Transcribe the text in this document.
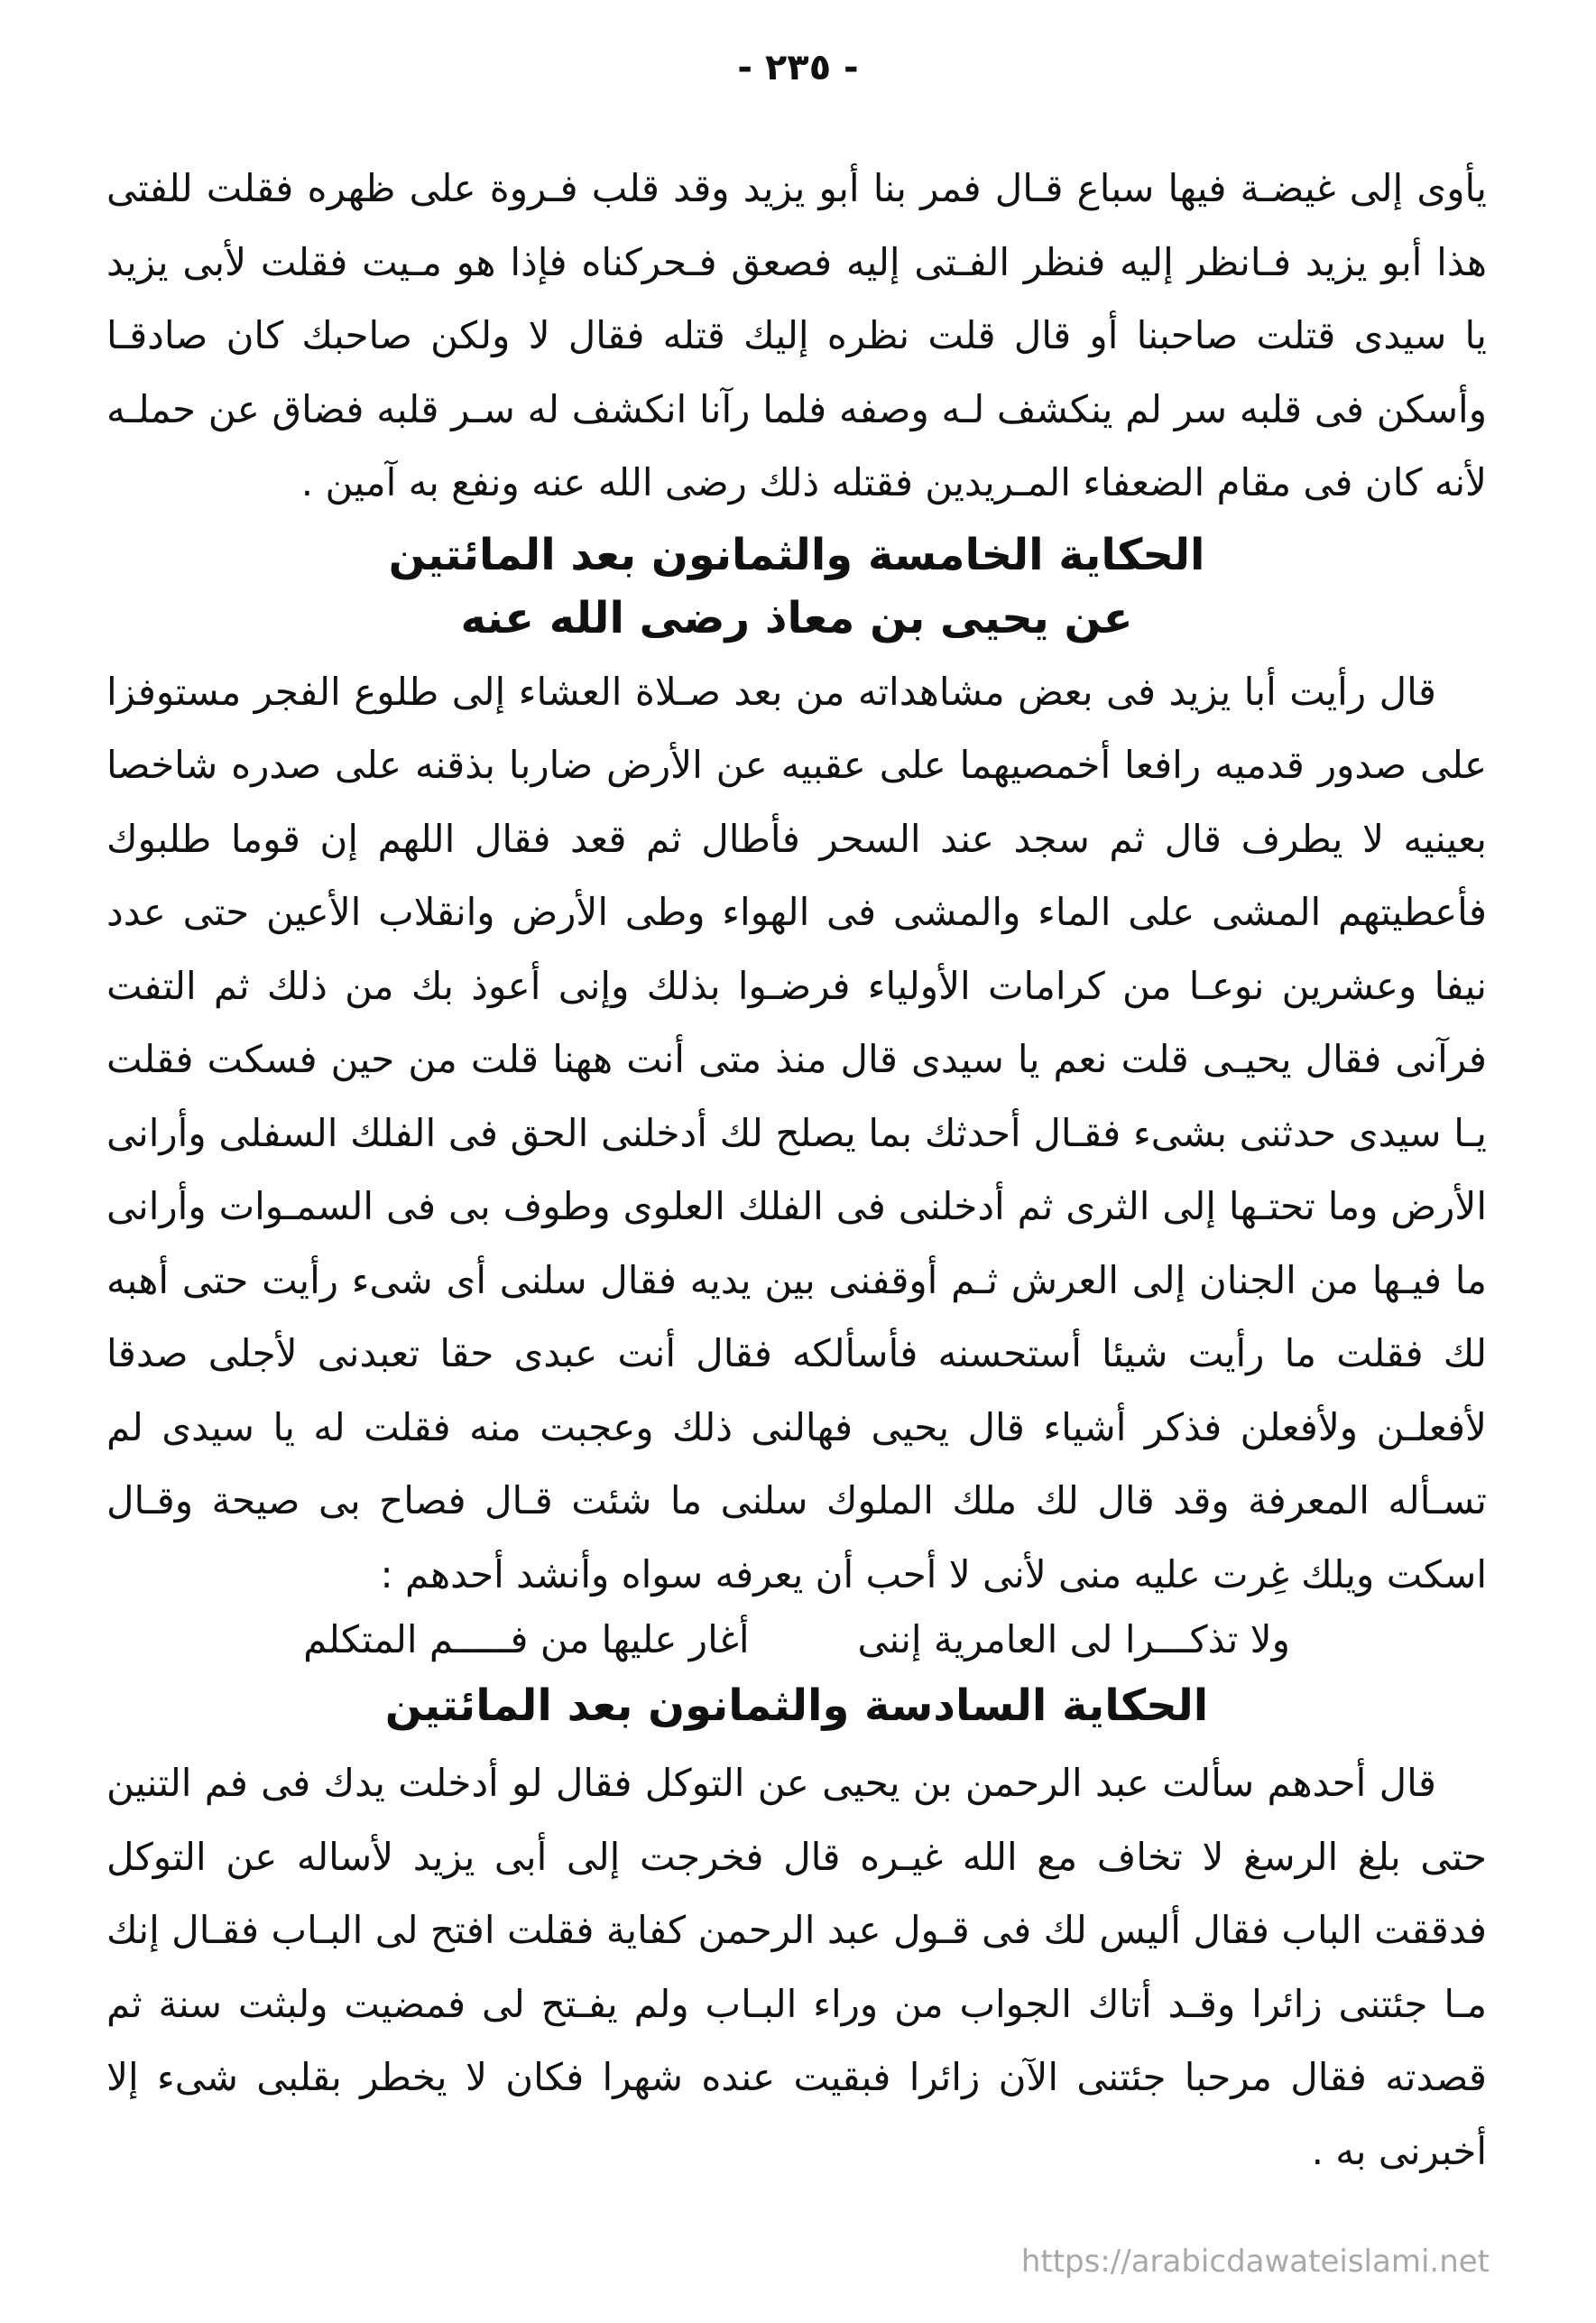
- ٢٣٥ -

يأوى إلى غيضـة فيها سباع قـال فمر بنا أبو يزيد وقد قلب فـروة على ظهره فقلت للفتى هذا أبو يزيد فـانظر إليه فنظر الفـتى إليه فصعق فـحركناه فإذا هو مـيت فقلت لأبى يزيد يا سيدى قتلت صاحبنا أو قال قلت نظره إليك قتله فقال لا ولكن صاحبك كان صادقـا وأسكن فى قلبه سر لم ينكشف لـه وصفه فلما رآنا انكشف له سـر قلبه فضاق عن حملـه لأنه كان فى مقام الضعفاء المـريدين فقتله ذلك رضى الله عنه ونفع به آمين .

الحكاية الخامسة والثمانون بعد المائتين
عن يحيى بن معاذ رضى الله عنه

قال رأيت أبا يزيد فى بعض مشاهداته من بعد صـلاة العشاء إلى طلوع الفجر مستوفزا على صدور قدميه رافعا أخمصيهما على عقبيه عن الأرض ضاربا بذقنه على صدره شاخصا بعينيه لا يطرف قال ثم سجد عند السحر فأطال ثم قعد فقال اللهم إن قوما طلبوك فأعطيتهم المشى على الماء والمشى فى الهواء وطى الأرض وانقلاب الأعين حتى عدد نيفا وعشرين نوعـا من كرامات الأولياء فرضـوا بذلك وإنى أعوذ بك من ذلك ثم التفت فرآنى فقال يحيـى قلت نعم يا سيدى قال منذ متى أنت ههنا قلت من حين فسكت فقلت يـا سيدى حدثنى بشىء فقـال أحدثك بما يصلح لك أدخلنى الحق فى الفلك السفلى وأرانى الأرض وما تحتـها إلى الثرى ثم أدخلنى فى الفلك العلوى وطوف بى فى السمـوات وأرانى ما فيـها من الجنان إلى العرش ثـم أوقفنى بين يديه فقال سلنى أى شىء رأيت حتى أهبه لك فقلت ما رأيت شيئا أستحسنه فأسألكه فقال أنت عبدى حقا تعبدنى لأجلى صدقا لأفعلـن ولأفعلن فذكر أشياء قال يحيى فهالنى ذلك وعجبت منه فقلت له يا سيدى لم تسـأله المعرفة وقد قال لك ملك الملوك سلنى ما شئت قـال فصاح بى صيحة وقـال اسكت ويلك غِرت عليه منى لأنى لا أحب أن يعرفه سواه وأنشد أحدهم :

ولا تذكـــرا لى العامرية إننى
أغار عليها من فـــــم المتكلم
الحكاية السادسة والثمانون بعد المائتين

قال أحدهم سألت عبد الرحمن بن يحيى عن التوكل فقال لو أدخلت يدك فى فم التنين حتى بلغ الرسغ لا تخاف مع الله غيـره قال فخرجت إلى أبى يزيد لأساله عن التوكل فدققت الباب فقال أليس لك فى قـول عبد الرحمن كفاية فقلت افتح لى البـاب فقـال إنك مـا جئتنى زائرا وقـد أتاك الجواب من وراء البـاب ولم يفـتح لى فمضيت ولبثت سنة ثم قصدته فقال مرحبا جئتنى الآن زائرا فبقيت عنده شهرا فكان لا يخطر بقلبى شىء إلا أخبرنى به .

https://arabicdawateislami.net
